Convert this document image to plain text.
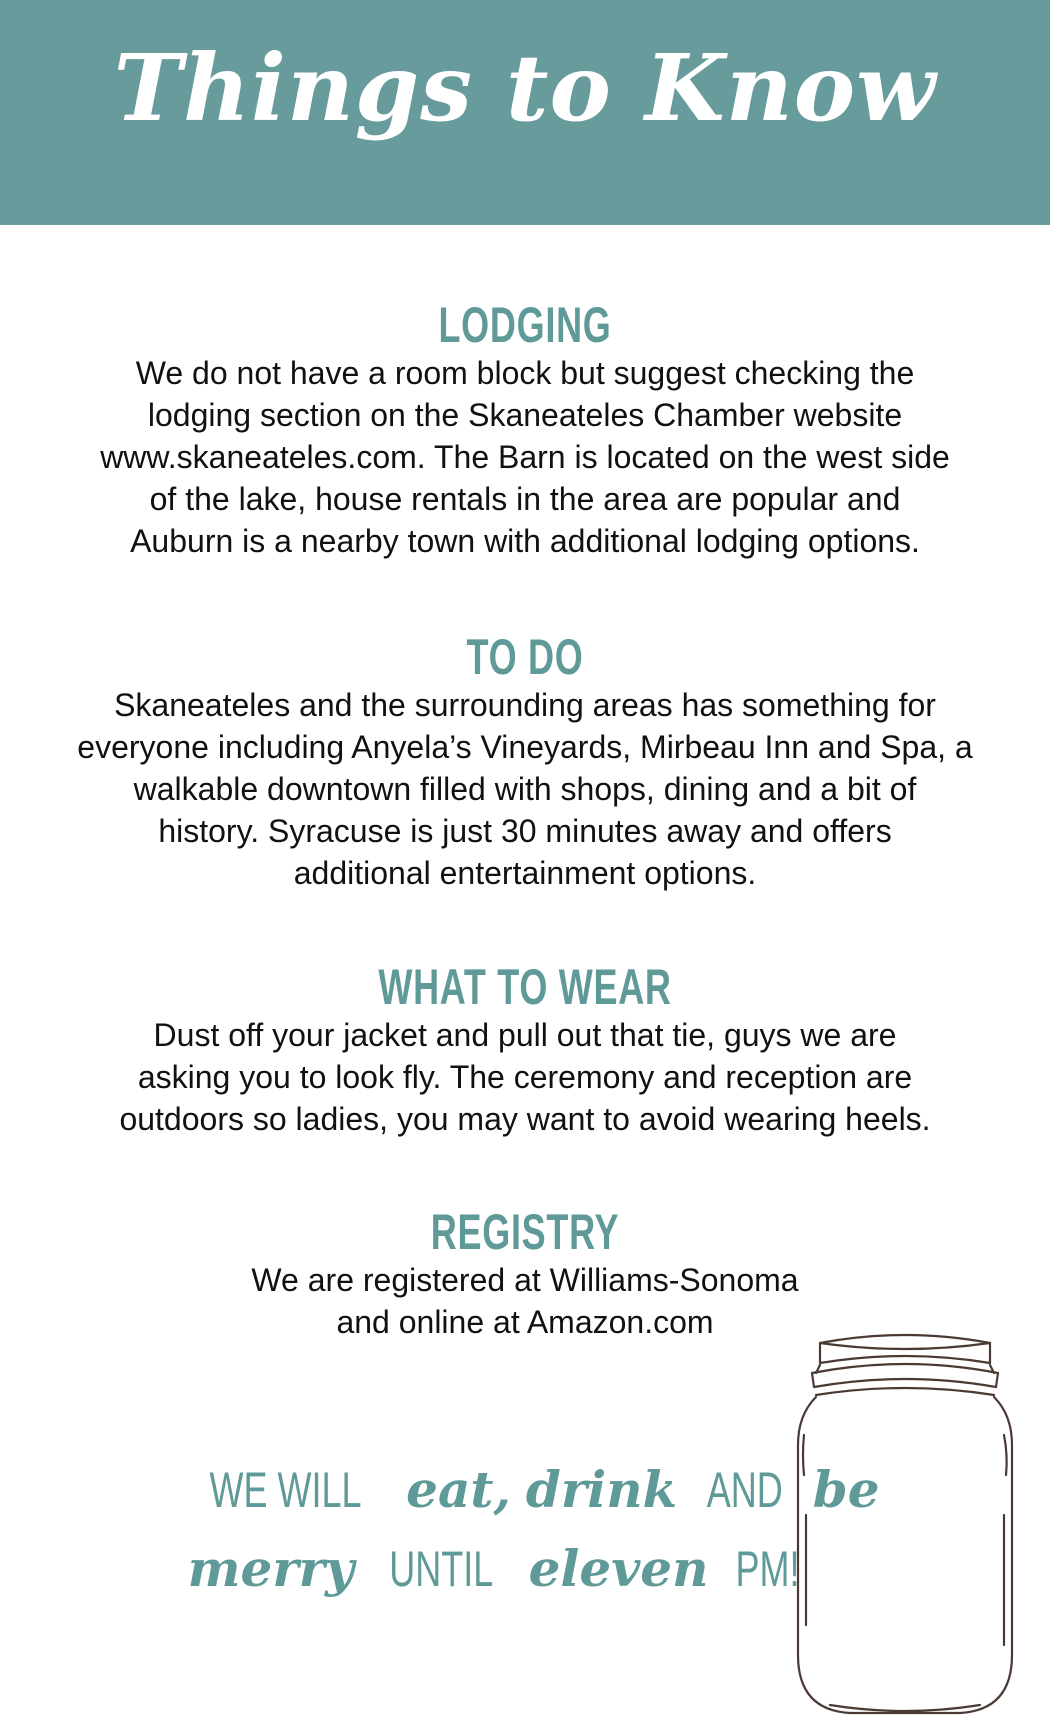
Things to Know
LODGING

We do not have a room block but suggest checking the
lodging section on the Skaneateles Chamber website
www.skaneateles.com. The Barn is located on the west side
of the lake, house rentals in the area are popular and
Auburn is a nearby town with additional lodging options.

TO DO

Skaneateles and the surrounding areas has something for
everyone including Anyela’s Vineyards, Mirbeau Inn and Spa, a
walkable downtown filled with shops, dining and a bit of
history. Syracuse is just 30 minutes away and offers
additional entertainment options.

WHAT TO WEAR

Dust off your jacket and pull out that tie, guys we are
asking you to look fly. The ceremony and reception are
outdoors so ladies, you may want to avoid wearing heels.

REGISTRY

We are registered at Williams-Sonoma
and online at Amazon.com

WE WILL eat, drink AND be
merry UNTIL eleven PM!
